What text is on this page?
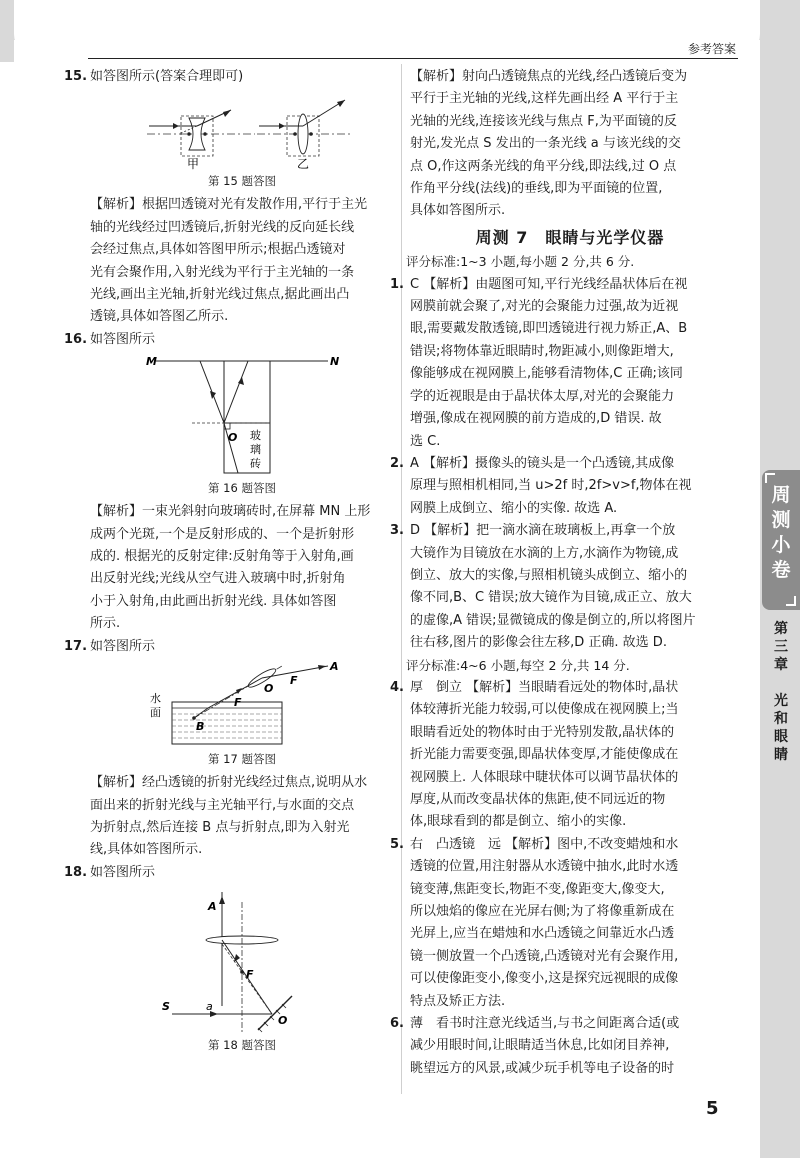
参考答案
15. 如答图所示(答案合理即可)
甲	乙
第 15 题答图
【解析】根据凹透镜对光有发散作用,平行于主光
轴的光线经过凹透镜后,折射光线的反向延长线
会经过焦点,具体如答图甲所示;根据凸透镜对
光有会聚作用,入射光线为平行于主光轴的一条
光线,画出主光轴,折射光线过焦点,据此画出凸
透镜,具体如答图乙所示.
16. 如答图所示
M	N
O 玻
璃
砖
第 16 题答图
【解析】一束光斜射向玻璃砖时,在屏幕 MN 上形
成两个光斑,一个是反射形成的、一个是折射形
成的. 根据光的反射定律:反射角等于入射角,画
出反射光线;光线从空气进入玻璃中时,折射角
小于入射角,由此画出折射光线. 具体如答图
所示.
17. 如答图所示
水
面
B
A
O
F
F
第 17 题答图
【解析】经凸透镜的折射光线经过焦点,说明从水
面出来的折射光线与主光轴平行,与水面的交点
为折射点,然后连接 B 点与折射点,即为入射光
线,具体如答图所示.
18. 如答图所示
A
F
S	a
O
第 18 题答图
【解析】射向凸透镜焦点的光线,经凸透镜后变为
平行于主光轴的光线,这样先画出经 A 平行于主
光轴的光线,连接该光线与焦点 F,为平面镜的反
射光,发光点 S 发出的一条光线 a 与该光线的交
点 O,作这两条光线的角平分线,即法线,过 O 点
作角平分线(法线)的垂线,即为平面镜的位置,
具体如答图所示.
周测 7　眼睛与光学仪器
评分标准:1~3 小题,每小题 2 分,共 6 分.
1. C 【解析】由题图可知,平行光线经晶状体后在视
网膜前就会聚了,对光的会聚能力过强,故为近视
眼,需要戴发散透镜,即凹透镜进行视力矫正,A、B
错误;将物体靠近眼睛时,物距减小,则像距增大,
像能够成在视网膜上,能够看清物体,C 正确;该同
学的近视眼是由于晶状体太厚,对光的会聚能力
增强,像成在视网膜的前方造成的,D 错误. 故
选 C.
2. A 【解析】摄像头的镜头是一个凸透镜,其成像
原理与照相机相同,当 u>2f 时,2f>v>f,物体在视
网膜上成倒立、缩小的实像. 故选 A.
3. D 【解析】把一滴水滴在玻璃板上,再拿一个放
大镜作为目镜放在水滴的上方,水滴作为物镜,成
倒立、放大的实像,与照相机镜头成倒立、缩小的
像不同,B、C 错误;放大镜作为目镜,成正立、放大
的虚像,A 错误;显微镜成的像是倒立的,所以将图片
往右移,图片的影像会往左移,D 正确. 故选 D.
评分标准:4~6 小题,每空 2 分,共 14 分.
4. 厚　倒立 【解析】当眼睛看远处的物体时,晶状
体较薄折光能力较弱,可以使像成在视网膜上;当
眼睛看近处的物体时由于光特别发散,晶状体的
折光能力需要变强,即晶状体变厚,才能使像成在
视网膜上. 人体眼球中睫状体可以调节晶状体的
厚度,从而改变晶状体的焦距,使不同远近的物
体,眼球看到的都是倒立、缩小的实像.
5. 右　凸透镜　远 【解析】图中,不改变蜡烛和水
透镜的位置,用注射器从水透镜中抽水,此时水透
镜变薄,焦距变长,物距不变,像距变大,像变大,
所以烛焰的像应在光屏右侧;为了将像重新成在
光屏上,应当在蜡烛和水凸透镜之间靠近水凸透
镜一侧放置一个凸透镜,凸透镜对光有会聚作用,
可以使像距变小,像变小,这是探究远视眼的成像
特点及矫正方法.
6. 薄　看书时注意光线适当,与书之间距离合适(或
减少用眼时间,让眼睛适当休息,比如闭目养神,
眺望远方的风景,或减少玩手机等电子设备的时
周测小卷
第三章
光和眼睛
5
